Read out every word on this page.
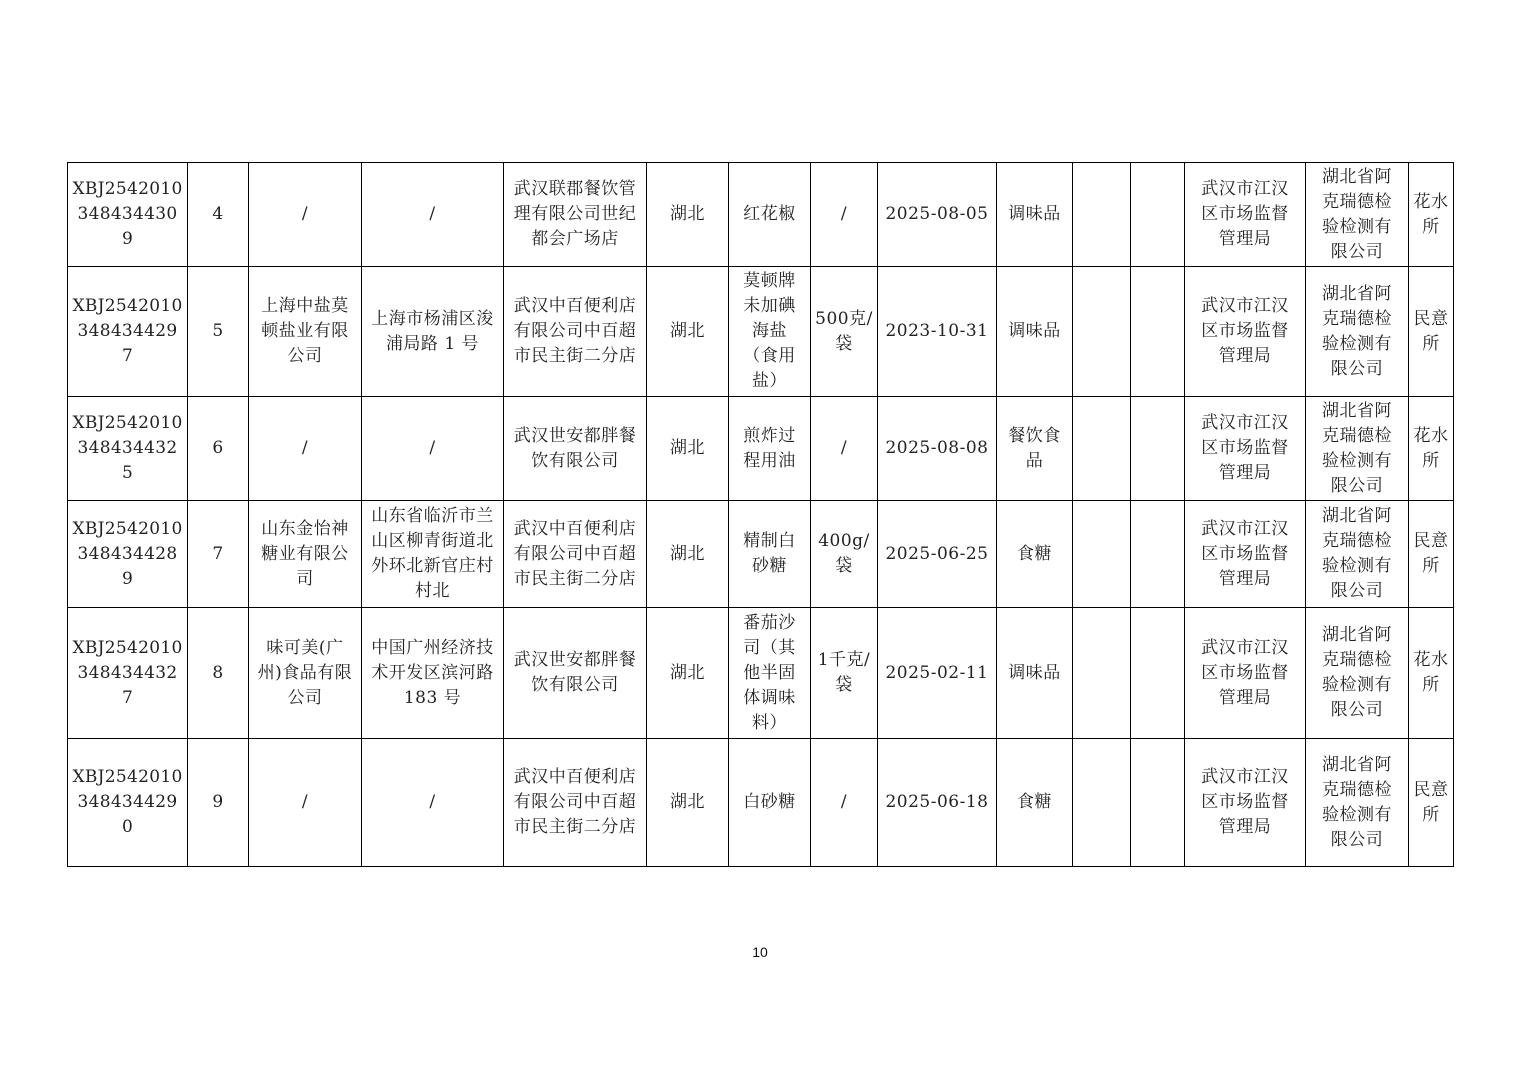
XBJ25420103484344309	4	/	/	武汉联郡餐饮管理有限公司世纪都会广场店	湖北	红花椒	/	2025-08-05	调味品			武汉市江汉区市场监督管理局	湖北省阿克瑞德检验检测有限公司	花水所
XBJ25420103484344297	5	上海中盐莫顿盐业有限公司	上海市杨浦区浚浦局路 1 号	武汉中百便利店有限公司中百超市民主街二分店	湖北	莫顿牌未加碘海盐（食用盐）	500克/袋	2023-10-31	调味品			武汉市江汉区市场监督管理局	湖北省阿克瑞德检验检测有限公司	民意所
XBJ25420103484344325	6	/	/	武汉世安都胖餐饮有限公司	湖北	煎炸过程用油	/	2025-08-08	餐饮食品			武汉市江汉区市场监督管理局	湖北省阿克瑞德检验检测有限公司	花水所
XBJ25420103484344289	7	山东金怡神糖业有限公司	山东省临沂市兰山区柳青街道北外环北新官庄村村北	武汉中百便利店有限公司中百超市民主街二分店	湖北	精制白砂糖	400g/袋	2025-06-25	食糖			武汉市江汉区市场监督管理局	湖北省阿克瑞德检验检测有限公司	民意所
XBJ25420103484344327	8	味可美(广州)食品有限公司	中国广州经济技术开发区滨河路 183 号	武汉世安都胖餐饮有限公司	湖北	番茄沙司（其他半固体调味料）	1千克/袋	2025-02-11	调味品			武汉市江汉区市场监督管理局	湖北省阿克瑞德检验检测有限公司	花水所
XBJ25420103484344290	9	/	/	武汉中百便利店有限公司中百超市民主街二分店	湖北	白砂糖	/	2025-06-18	食糖			武汉市江汉区市场监督管理局	湖北省阿克瑞德检验检测有限公司	民意所
10
